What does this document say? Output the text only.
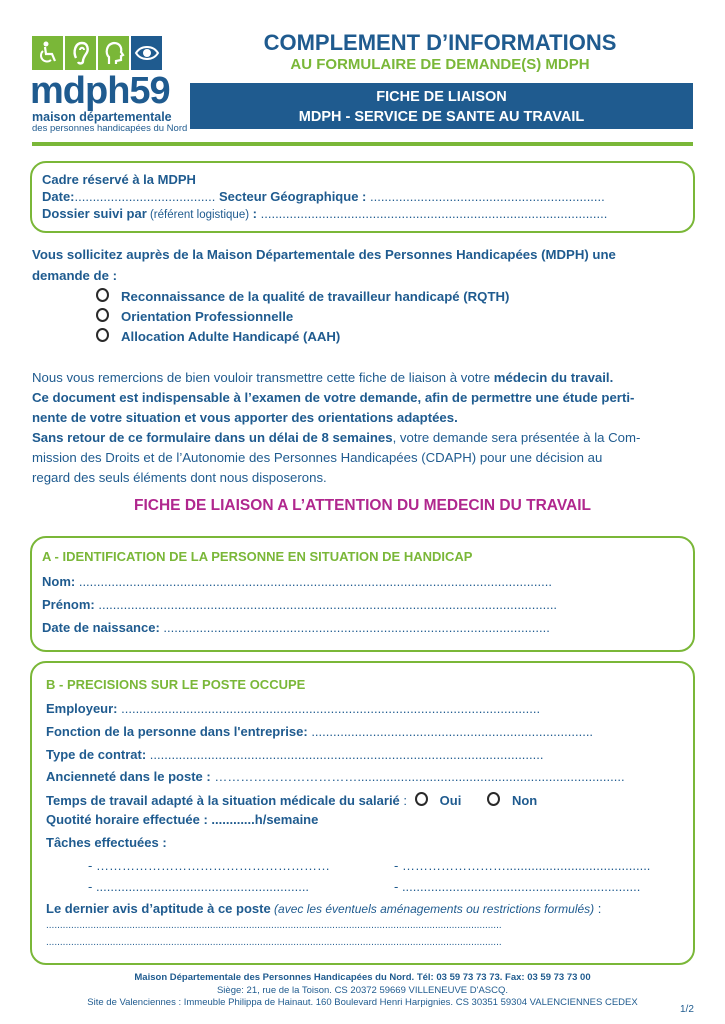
mdph59
maison départementale
des personnes handicapées du Nord
COMPLEMENT D’INFORMATIONS
AU FORMULAIRE DE DEMANDE(S) MDPH
FICHE DE LIAISON
MDPH - SERVICE DE SANTE AU TRAVAIL
Cadre réservé à la MDPH
Date:....................................... Secteur Géographique : .................................................................
Dossier suivi par (référent logistique) : ................................................................................................
Vous sollicitez auprès de la Maison Départementale des Personnes Handicapées (MDPH) une
demande de :
Reconnaissance de la qualité de travailleur handicapé (RQTH)
Orientation Professionnelle
Allocation Adulte Handicapé (AAH)
Nous vous remercions de bien vouloir transmettre cette fiche de liaison à votre médecin du travail.
Ce document est indispensable à l’examen de votre demande, afin de permettre une étude perti-
nente de votre situation et vous apporter des orientations adaptées.
Sans retour de ce formulaire dans un délai de 8 semaines, votre demande sera présentée à la Com-
mission des Droits et de l’Autonomie des Personnes Handicapées (CDAPH) pour une décision au
regard des seuls éléments dont nous disposerons.
FICHE DE LIAISON A L’ATTENTION DU MEDECIN DU TRAVAIL
A - IDENTIFICATION DE LA PERSONNE EN SITUATION DE HANDICAP
Nom: ...................................................................................................................................
Prénom: ...............................................................................................................................
Date de naissance: ...........................................................................................................
B - PRECISIONS SUR LE POSTE OCCUPE
Employeur: ....................................................................................................................
Fonction de la personne dans l'entreprise: ..............................................................................
Type de contrat: .............................................................................................................
Ancienneté dans le poste : ……………………………..........................................................................
Temps de travail adapté à la situation médicale du salarié :	Oui	Non
Quotité horaire effectuée : ............h/semaine
Tâches effectuées :
- ………………………………………………	- ……………………........................................
- ...........................................................	- ..................................................................
Le dernier avis d’aptitude à ce poste (avec les éventuels aménagements ou restrictions formulés) :
....................................................................................................................................................................
....................................................................................................................................................................
Maison Départementale des Personnes Handicapées du Nord. Tél: 03 59 73 73 73. Fax: 03 59 73 73 00
Siège: 21, rue de la Toison. CS 20372 59669 VILLENEUVE D'ASCQ.
Site de Valenciennes : Immeuble Philippa de Hainaut. 160 Boulevard Henri Harpignies. CS 30351 59304 VALENCIENNES CEDEX
1/2
